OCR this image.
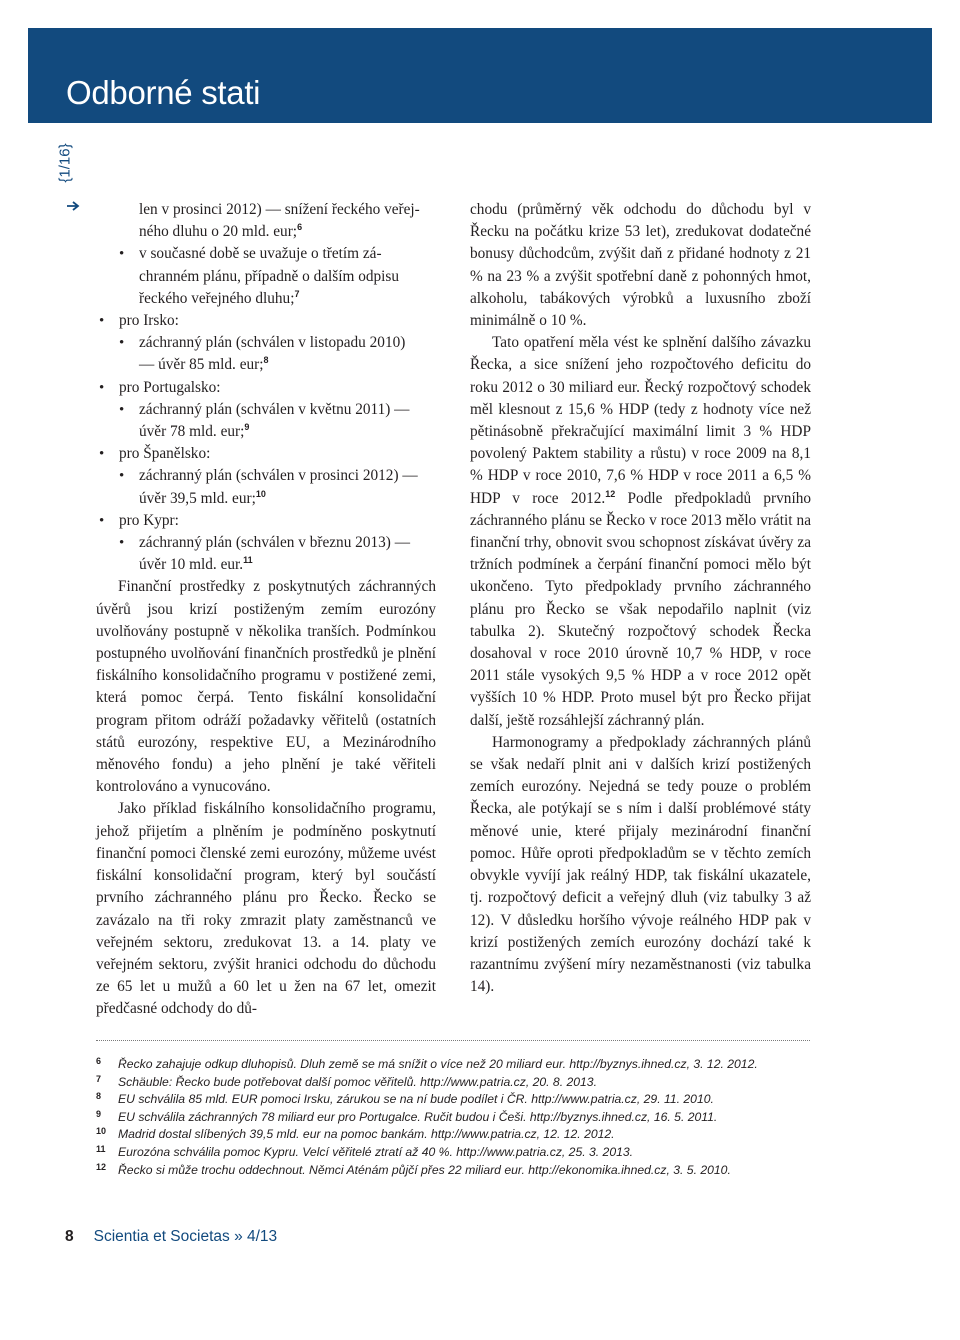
Odborné stati
{1/16}

len v prosinci 2012) — snížení řeckého veřej-

ného dluhu o 20 mld. eur;$^6$

• v současné době se uvažuje o třetím zá-

chranném plánu, případně o dalším odpisu

řeckého veřejného dluhu;$^7$

• pro Irsko:

• záchranný plán (schválen v listopadu 2010)

— úvěr 85 mld. eur;$^8$

• pro Portugalsko:

• záchranný plán (schválen v květnu 2011) —

úvěr 78 mld. eur;$^9$

• pro Španělsko:

• záchranný plán (schválen v prosinci 2012) —

úvěr 39,5 mld. eur;$^{10}$

• pro Kypr:

• záchranný plán (schválen v březnu 2013) —

úvěr 10 mld. eur.$^{11}$

Finanční prostředky z poskytnutých záchranných úvěrů jsou krizí postiženým zemím eurozóny uvolňovány postupně v několika tranších. Podmínkou postupného uvolňování finančních prostředků je plnění fiskálního konsolidačního programu v postižené zemi, která pomoc čerpá. Tento fiskální konsolidační program přitom odráží požadavky věřitelů (ostatních států eurozóny, respektive EU, a Mezinárodního měnového fondu) a jeho plnění je také věřiteli kontrolováno a vynucováno.

Jako příklad fiskálního konsolidačního programu, jehož přijetím a plněním je podmíněno poskytnutí finanční pomoci členské zemi eurozóny, můžeme uvést fiskální konsolidační program, který byl součástí prvního záchranného plánu pro Řecko. Řecko se zavázalo na tři roky zmrazit platy zaměstnanců ve veřejném sektoru, zredukovat 13. a 14. platy ve veřejném sektoru, zvýšit hranici odchodu do důchodu ze 65 let u mužů a 60 let u žen na 67 let, omezit předčasné odchody do dů-

chodu (průměrný věk odchodu do důchodu byl v Řecku na počátku krize 53 let), zredukovat dodatečné bonusy důchodcům, zvýšit daň z přidané hodnoty z 21 % na 23 % a zvýšit spotřební daně z pohonných hmot, alkoholu, tabákových výrobků a luxusního zboží minimálně o 10 %.

Tato opatření měla vést ke splnění dalšího závazku Řecka, a sice snížení jeho rozpočtového deficitu do roku 2012 o 30 miliard eur. Řecký rozpočtový schodek měl klesnout z 15,6 % HDP (tedy z hodnoty více než pětinásobně překračující maximální limit 3 % HDP povolený Paktem stability a růstu) v roce 2009 na 8,1 % HDP v roce 2010, 7,6 % HDP v roce 2011 a 6,5 % HDP v roce 2012.12 Podle předpokladů prvního záchranného plánu se Řecko v roce 2013 mělo vrátit na finanční trhy, obnovit svou schopnost získávat úvěry za tržních podmínek a čerpání finanční pomoci mělo být ukončeno. Tyto předpoklady prvního záchranného plánu pro Řecko se však nepodařilo naplnit (viz tabulka 2). Skutečný rozpočtový schodek Řecka dosahoval v roce 2010 úrovně 10,7 % HDP, v roce 2011 stále vysokých 9,5 % HDP a v roce 2012 opět vyšších 10 % HDP. Proto musel být pro Řecko přijat další, ještě rozsáhlejší záchranný plán.

Harmonogramy a předpoklady záchranných plánů se však nedaří plnit ani v dalších krizí postižených zemích eurozóny. Nejedná se tedy pouze o problém Řecka, ale potýkají se s ním i další problémové státy měnové unie, které přijaly mezinárodní finanční pomoc. Hůře oproti předpokladům se v těchto zemích obvykle vyvíjí jak reálný HDP, tak fiskální ukazatele, tj. rozpočtový deficit a veřejný dluh (viz tabulky 3 až 12). V důsledku horšího vývoje reálného HDP pak v krizí postižených zemích eurozóny dochází také k razantnímu zvýšení míry nezaměstnanosti (viz tabulka 14).

6 Řecko zahajuje odkup dluhopisů. Dluh země se má snížit o více než 20 miliard eur. http://byznys.ihned.cz, 3. 12. 2012.
7 Schäuble: Řecko bude potřebovat další pomoc věřitelů. http://www.patria.cz, 20. 8. 2013.
8 EU schválila 85 mld. EUR pomoci Irsku, zárukou se na ní bude podílet i ČR. http://www.patria.cz, 29. 11. 2010.
9 EU schválila záchranných 78 miliard eur pro Portugalce. Ručit budou i Češi. http://byznys.ihned.cz, 16. 5. 2011.
10 Madrid dostal slíbených 39,5 mld. eur na pomoc bankám. http://www.patria.cz, 12. 12. 2012.
11 Eurozóna schválila pomoc Kypru. Velcí věřitelé ztratí až 40 %. http://www.patria.cz, 25. 3. 2013.
12 Řecko si může trochu oddechnout. Němci Aténám půjčí přes 22 miliard eur. http://ekonomika.ihned.cz, 3. 5. 2010.
8 Scientia et Societas » 4/13
